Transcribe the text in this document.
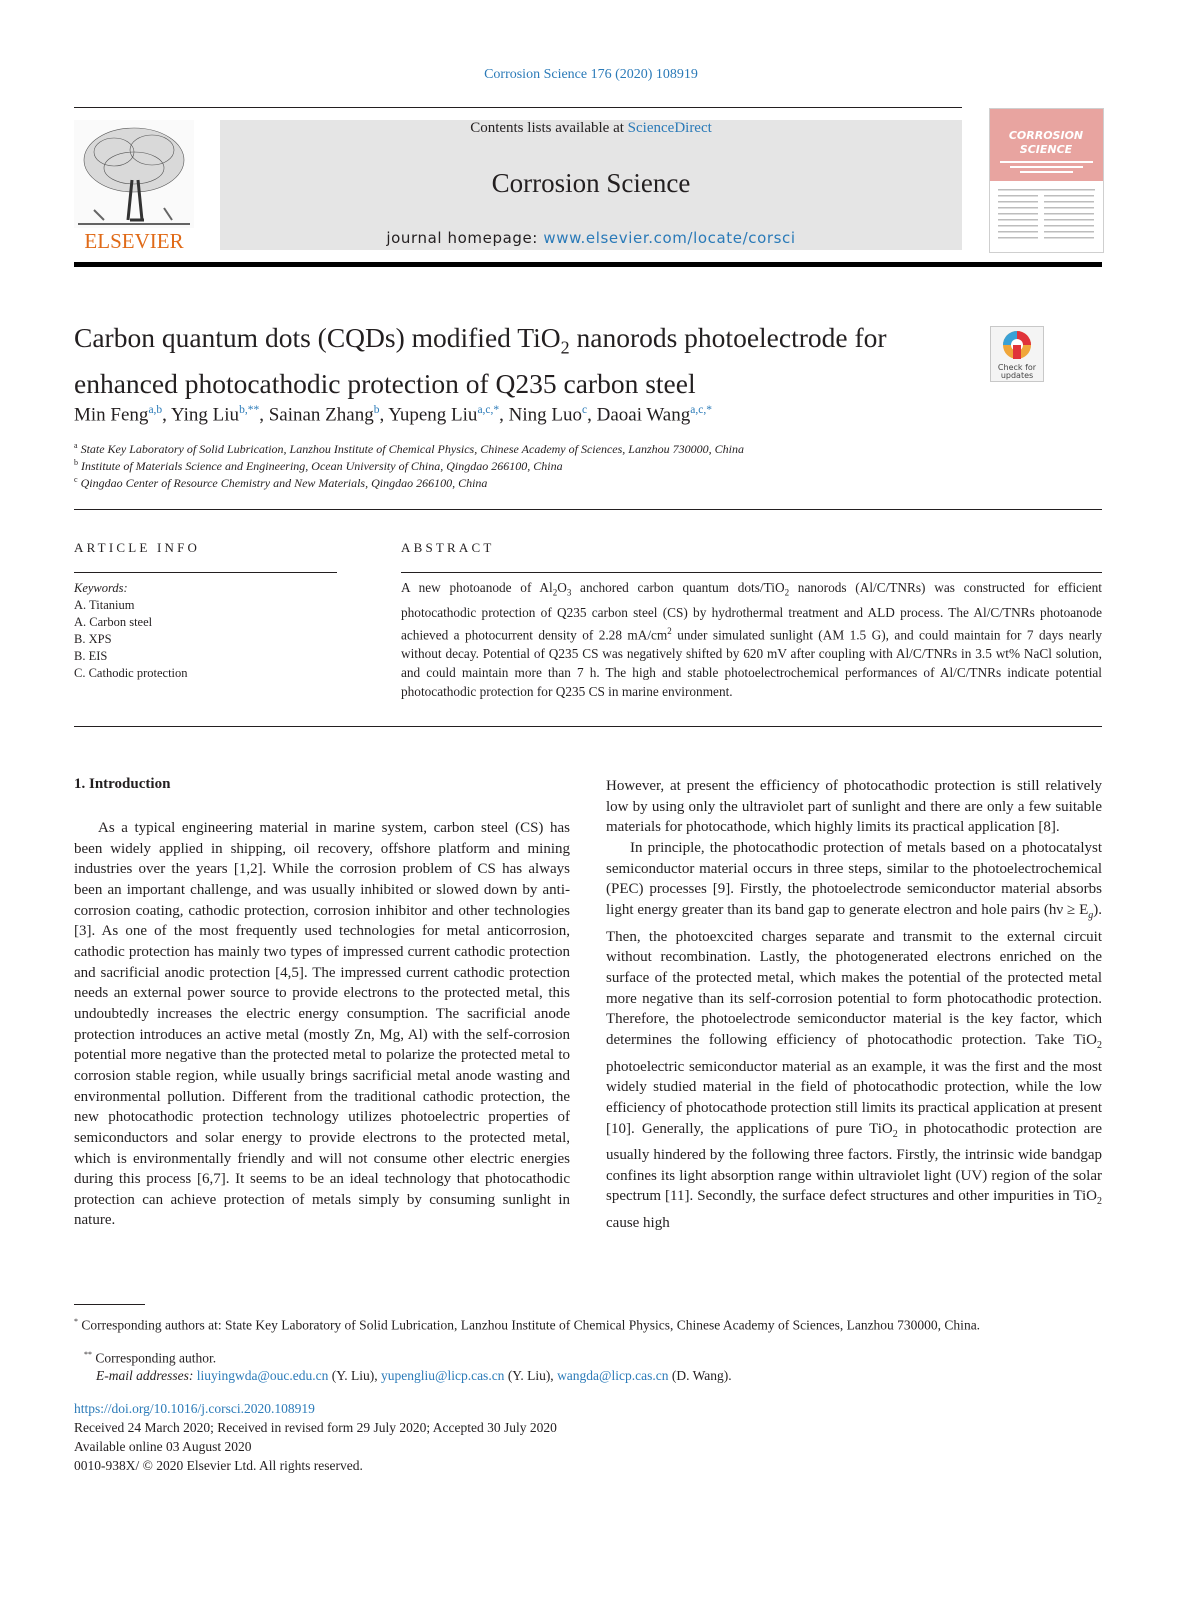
Corrosion Science 176 (2020) 108919
ELSEVIER
Contents lists available at ScienceDirect
Corrosion Science
journal homepage: www.elsevier.com/locate/corsci
CORROSION
SCIENCE
Carbon quantum dots (CQDs) modified TiO$_2$ nanorods photoelectrode for enhanced photocathodic protection of Q235 carbon steel	Check for
updates
Min Feng$^{a,b}$, Ying Liu$^{b,**}$, Sainan Zhang$^b$, Yupeng Liu$^{a,c,*}$, Ning Luo$^c$, Daoai Wang$^{a,c,*}$
$^a$ State Key Laboratory of Solid Lubrication, Lanzhou Institute of Chemical Physics, Chinese Academy of Sciences, Lanzhou 730000, China
$^b$ Institute of Materials Science and Engineering, Ocean University of China, Qingdao 266100, China
$^c$ Qingdao Center of Resource Chemistry and New Materials, Qingdao 266100, China
ARTICLE INFO
Keywords:
A. Titanium
A. Carbon steel
B. XPS
B. EIS
C. Cathodic protection
ABSTRACT
A new photoanode of $Al_2O_3$ anchored carbon quantum dots/TiO$_2$ nanorods (Al/C/TNRs) was constructed for efficient photocathodic protection of Q235 carbon steel (CS) by hydrothermal treatment and ALD process. The Al/C/TNRs photoanode achieved a photocurrent density of 2.28 $mA/cm^2$ under simulated sunlight (AM 1.5 G), and could maintain for 7 days nearly without decay. Potential of Q235 CS was negatively shifted by 620 mV after coupling with Al/C/TNRs in 3.5 wt% NaCl solution, and could maintain more than 7 h. The high and stable photoelectrochemical performances of Al/C/TNRs indicate potential photocathodic protection for Q235 CS in marine environment.
1. Introduction

As a typical engineering material in marine system, carbon steel (CS) has been widely applied in shipping, oil recovery, offshore platform and mining industries over the years [1,2]. While the corrosion problem of CS has always been an important challenge, and was usually inhibited or slowed down by anti-corrosion coating, cathodic protection, corrosion inhibitor and other technologies [3]. As one of the most frequently used technologies for metal anticorrosion, cathodic protection has mainly two types of impressed current cathodic protection and sacrificial anodic protection [4,5]. The impressed current cathodic protection needs an external power source to provide electrons to the protected metal, this undoubtedly increases the electric energy consumption. The sacrificial anode protection introduces an active metal (mostly Zn, Mg, Al) with the self-corrosion potential more negative than the protected metal to polarize the protected metal to corrosion stable region, while usually brings sacrificial metal anode wasting and environmental pollution. Different from the traditional cathodic protection, the new photocathodic protection technology utilizes photoelectric properties of semiconductors and solar energy to provide electrons to the protected metal, which is environmentally friendly and will not consume other electric energies during this process [6,7]. It seems to be an ideal technology that photocathodic protection can achieve protection of metals simply by consuming sunlight in nature.

However, at present the efficiency of photocathodic protection is still relatively low by using only the ultraviolet part of sunlight and there are only a few suitable materials for photocathode, which highly limits its practical application [8].

In principle, the photocathodic protection of metals based on a photocatalyst semiconductor material occurs in three steps, similar to the photoelectrochemical (PEC) processes [9]. Firstly, the photoelectrode semiconductor material absorbs light energy greater than its band gap to generate electron and hole pairs $(h\nu \ge E_g)$. Then, the photoexcited charges separate and transmit to the external circuit without recombination. Lastly, the photogenerated electrons enriched on the surface of the protected metal, which makes the potential of the protected metal more negative than its self-corrosion potential to form photocathodic protection. Therefore, the photoelectrode semiconductor material is the key factor, which determines the following efficiency of photocathodic protection. Take TiO$_2$ photoelectric semiconductor material as an example, it was the first and the most widely studied material in the field of photocathodic protection, while the low efficiency of photocathode protection still limits its practical application at present [10]. Generally, the applications of pure TiO$_2$ in photocathodic protection are usually hindered by the following three factors. Firstly, the intrinsic wide bandgap confines its light absorption range within ultraviolet light (UV) region of the solar spectrum [11]. Secondly, the surface defect structures and other impurities in TiO$_2$ cause high

* Corresponding authors at: State Key Laboratory of Solid Lubrication, Lanzhou Institute of Chemical Physics, Chinese Academy of Sciences, Lanzhou 730000, China.
** Corresponding author.
E-mail addresses: liuyingwda@ouc.edu.cn (Y. Liu), yupengliu@licp.cas.cn (Y. Liu), wangda@licp.cas.cn (D. Wang).
https://doi.org/10.1016/j.corsci.2020.108919
Received 24 March 2020; Received in revised form 29 July 2020; Accepted 30 July 2020
Available online 03 August 2020
0010-938X/ © 2020 Elsevier Ltd. All rights reserved.
